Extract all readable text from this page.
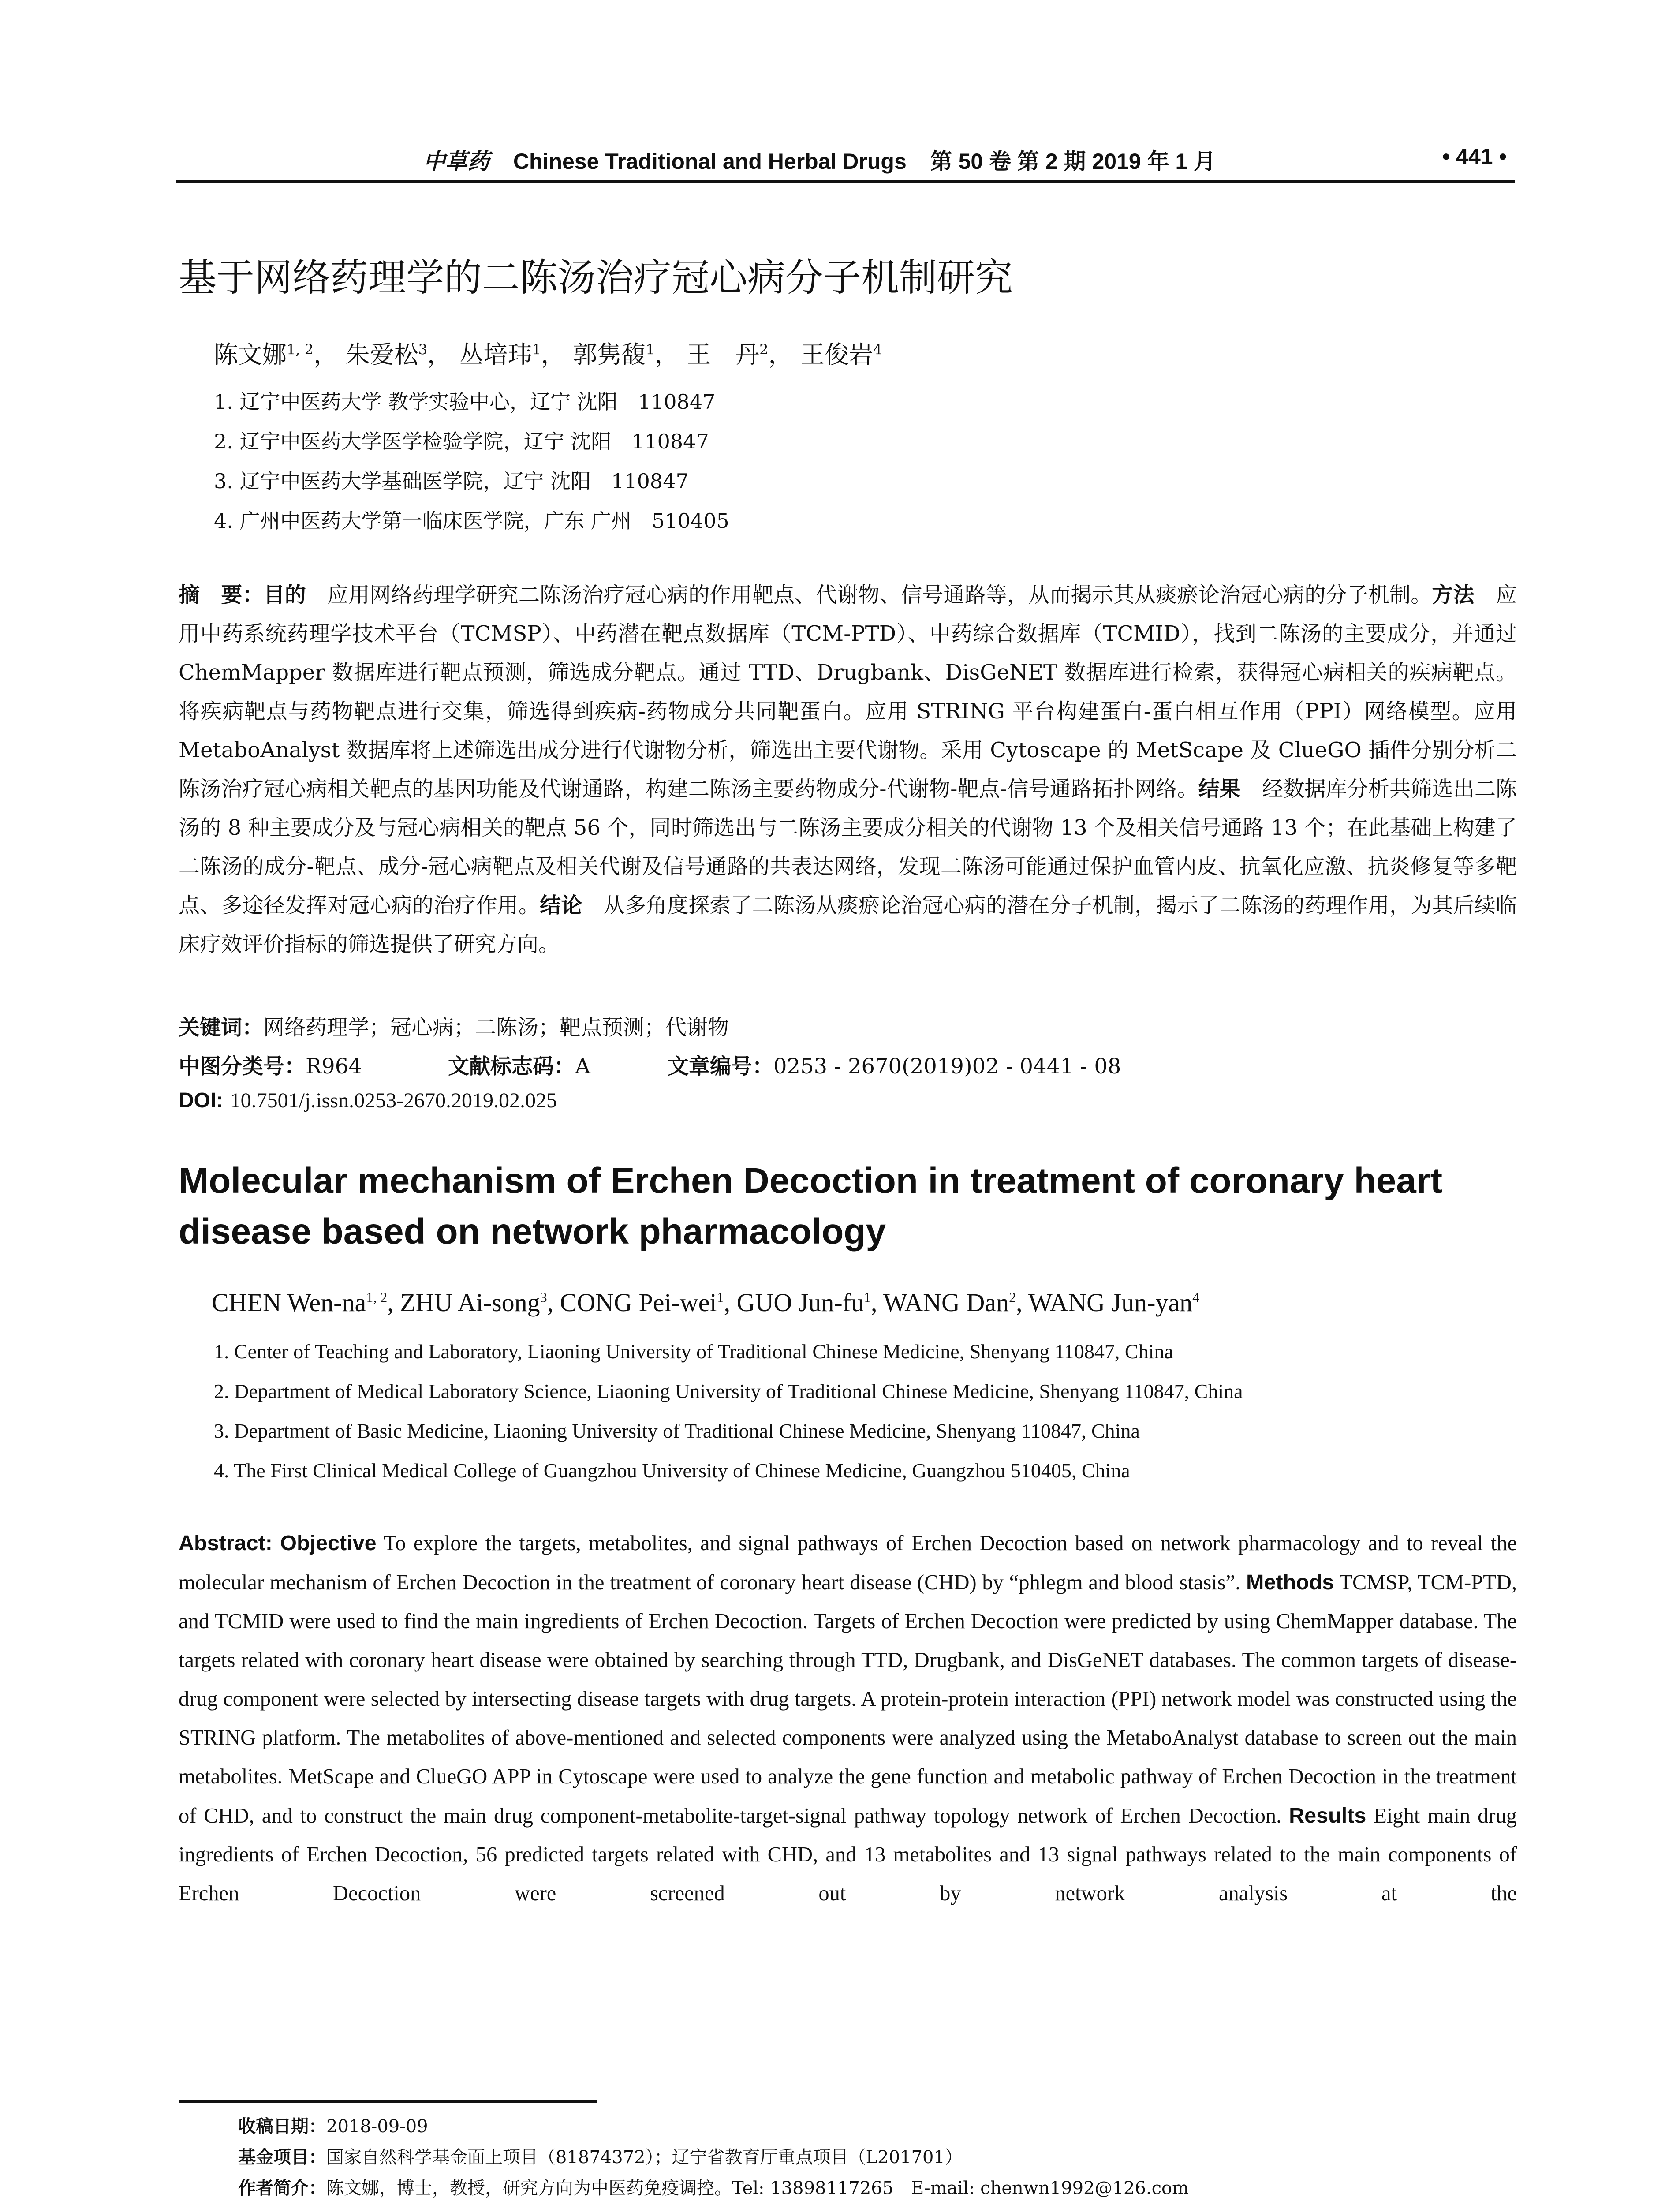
中草药 Chinese Traditional and Herbal Drugs 第 50 卷 第 2 期 2019 年 1 月	• 441 •
基于网络药理学的二陈汤治疗冠心病分子机制研究
陈文娜$^{1, 2}$， 朱爱松$^3$， 丛培玮$^1$， 郭隽馥$^1$， 王　丹$^2$， 王俊岩$^4$
1. 辽宁中医药大学 教学实验中心，辽宁 沈阳　110847
2. 辽宁中医药大学医学检验学院，辽宁 沈阳　110847
3. 辽宁中医药大学基础医学院，辽宁 沈阳　110847
4. 广州中医药大学第一临床医学院，广东 广州　510405
摘　要：目的　应用网络药理学研究二陈汤治疗冠心病的作用靶点、代谢物、信号通路等，从而揭示其从痰瘀论治冠心病的分子机制。方法　应用中药系统药理学技术平台（TCMSP）、中药潜在靶点数据库（TCM-PTD）、中药综合数据库（TCMID），找到二陈汤的主要成分，并通过 ChemMapper 数据库进行靶点预测，筛选成分靶点。通过 TTD、Drugbank、DisGeNET 数据库进行检索，获得冠心病相关的疾病靶点。将疾病靶点与药物靶点进行交集，筛选得到疾病-药物成分共同靶蛋白。应用 STRING 平台构建蛋白-蛋白相互作用（PPI）网络模型。应用 MetaboAnalyst 数据库将上述筛选出成分进行代谢物分析，筛选出主要代谢物。采用 Cytoscape 的 MetScape 及 ClueGO 插件分别分析二陈汤治疗冠心病相关靶点的基因功能及代谢通路，构建二陈汤主要药物成分-代谢物-靶点-信号通路拓扑网络。结果　经数据库分析共筛选出二陈汤的 8 种主要成分及与冠心病相关的靶点 56 个，同时筛选出与二陈汤主要成分相关的代谢物 13 个及相关信号通路 13 个；在此基础上构建了二陈汤的成分-靶点、成分-冠心病靶点及相关代谢及信号通路的共表达网络，发现二陈汤可能通过保护血管内皮、抗氧化应激、抗炎修复等多靶点、多途径发挥对冠心病的治疗作用。结论　从多角度探索了二陈汤从痰瘀论治冠心病的潜在分子机制，揭示了二陈汤的药理作用，为其后续临床疗效评价指标的筛选提供了研究方向。
关键词：网络药理学；冠心病；二陈汤；靶点预测；代谢物
中图分类号：R964	文献标志码：A	文章编号：0253 - 2670(2019)02 - 0441 - 08
DOI: 10.7501/j.issn.0253-2670.2019.02.025
Molecular mechanism of Erchen Decoction in treatment of coronary heart disease based on network pharmacology
CHEN Wen-na$^{1, 2}$, ZHU Ai-song$^3$, CONG Pei-wei$^1$, GUO Jun-$fu^1$, WANG Dan$^2$, WANG Jun-yan$^4$
1. Center of Teaching and Laboratory, Liaoning University of Traditional Chinese Medicine, Shenyang 110847, China
2. Department of Medical Laboratory Science, Liaoning University of Traditional Chinese Medicine, Shenyang 110847, China
3. Department of Basic Medicine, Liaoning University of Traditional Chinese Medicine, Shenyang 110847, China
4. The First Clinical Medical College of Guangzhou University of Chinese Medicine, Guangzhou 510405, China
Abstract: Objective To explore the targets, metabolites, and signal pathways of Erchen Decoction based on network pharmacology and to reveal the molecular mechanism of Erchen Decoction in the treatment of coronary heart disease (CHD) by “phlegm and blood stasis”. Methods TCMSP, TCM-PTD, and TCMID were used to find the main ingredients of Erchen Decoction. Targets of Erchen Decoction were predicted by using ChemMapper database. The targets related with coronary heart disease were obtained by searching through TTD, Drugbank, and DisGeNET databases. The common targets of disease-drug component were selected by intersecting disease targets with drug targets. A protein-protein interaction (PPI) network model was constructed using the STRING platform. The metabolites of above-mentioned and selected components were analyzed using the MetaboAnalyst database to screen out the main metabolites. MetScape and ClueGO APP in Cytoscape were used to analyze the gene function and metabolic pathway of Erchen Decoction in the treatment of CHD, and to construct the main drug component-metabolite-target-signal pathway topology network of Erchen Decoction. Results Eight main drug ingredients of Erchen Decoction, 56 predicted targets related with CHD, and 13 metabolites and 13 signal pathways related to the main components of Erchen Decoction were screened out by network analysis at the
收稿日期：2018-09-09
基金项目：国家自然科学基金面上项目（81874372）；辽宁省教育厅重点项目（L201701）
作者简介：陈文娜，博士，教授，研究方向为中医药免疫调控。Tel: 13898117265　E-mail: chenwn1992@126.com
